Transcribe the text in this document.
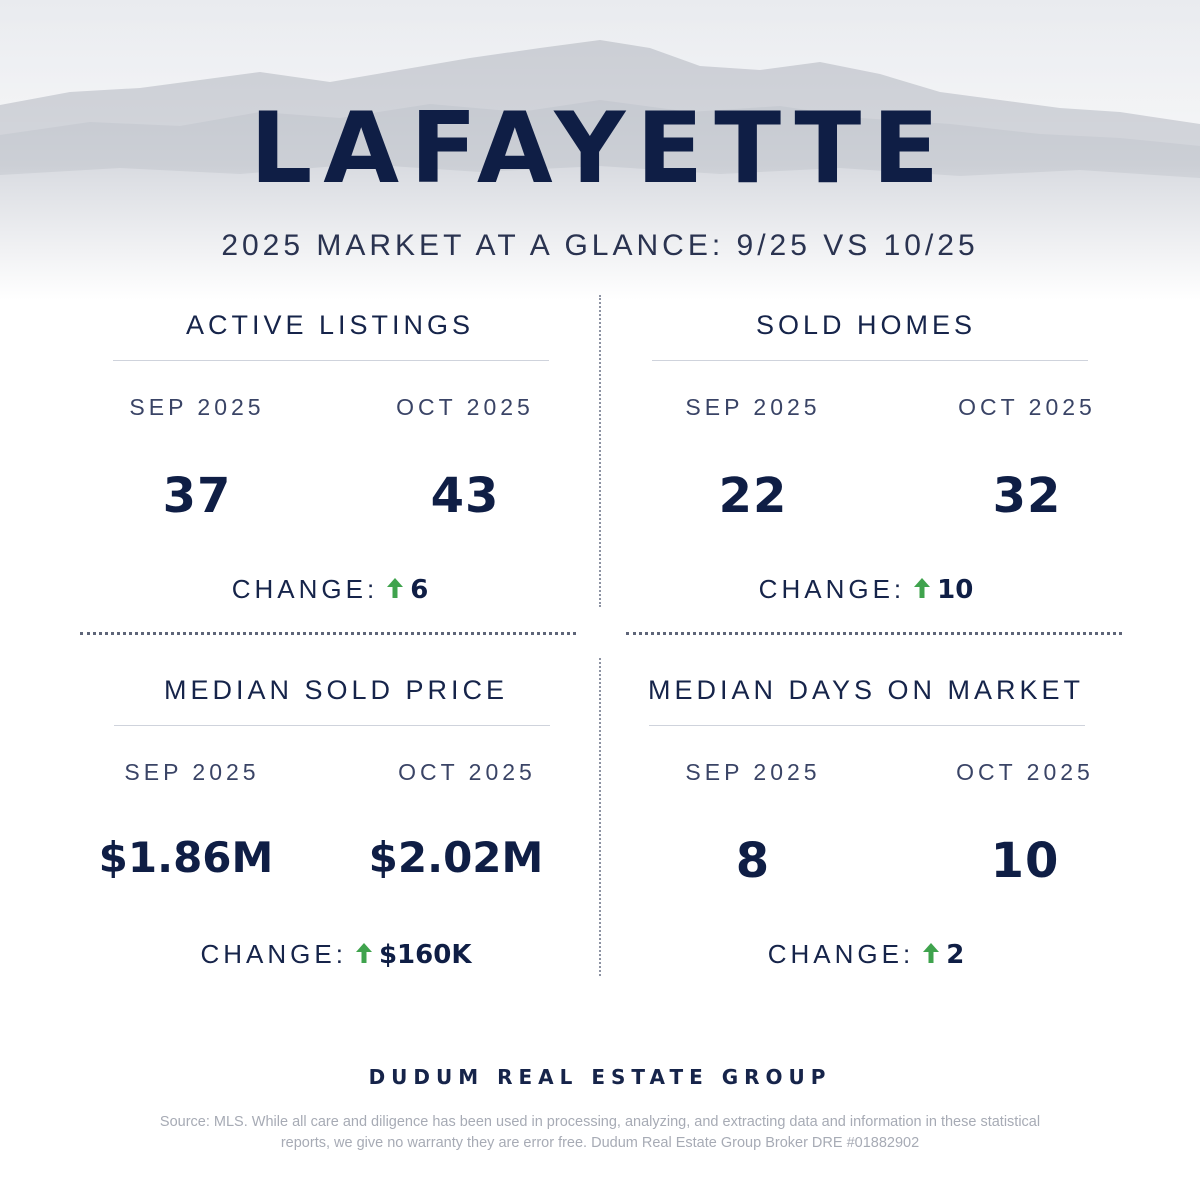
LAFAYETTE
2025 MARKET AT A GLANCE: 9/25 VS 10/25
ACTIVE LISTINGS
SEP 2025	OCT 2025
37	43
CHANGE: 6
SOLD HOMES
SEP 2025	OCT 2025
22	32
CHANGE: 10
MEDIAN SOLD PRICE
SEP 2025	OCT 2025
$1.86M	$2.02M
CHANGE: $160K
MEDIAN DAYS ON MARKET
SEP 2025	OCT 2025
8	10
CHANGE: 2
DUDUM REAL ESTATE GROUP
Source: MLS. While all care and diligence has been used in processing, analyzing, and extracting data and information in these statistical reports, we give no warranty they are error free. Dudum Real Estate Group Broker DRE #01882902
